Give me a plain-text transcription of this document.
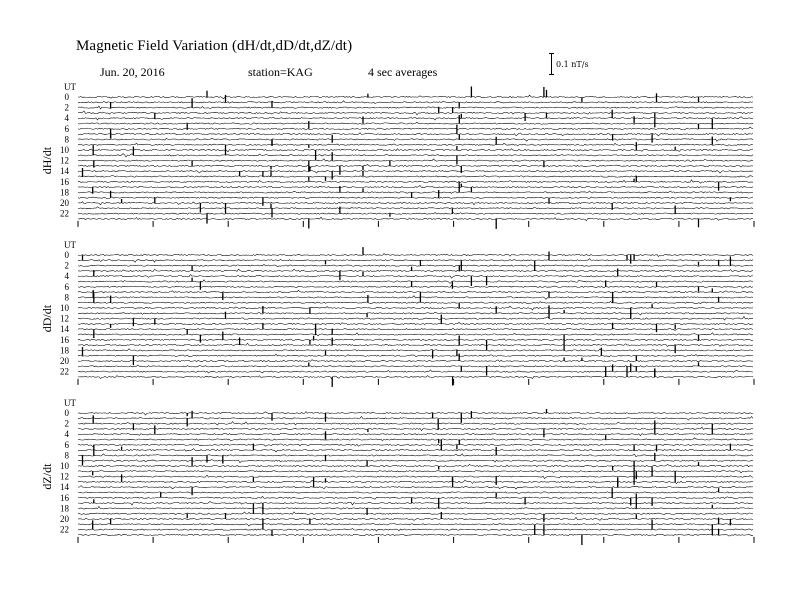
Magnetic Field Variation (dH/dt,dD/dt,dZ/dt)
Jun. 20, 2016	station=KAG	4 sec averages
0.1 nT/s
UT
dH/dt
0
2
4
6
8
10
12
14
16
18
20
22
UT
dD/dt
0
2
4
6
8
10
12
14
16
18
20
22
UT
dZ/dt
0
2
4
6
8
10
12
14
16
18
20
22
